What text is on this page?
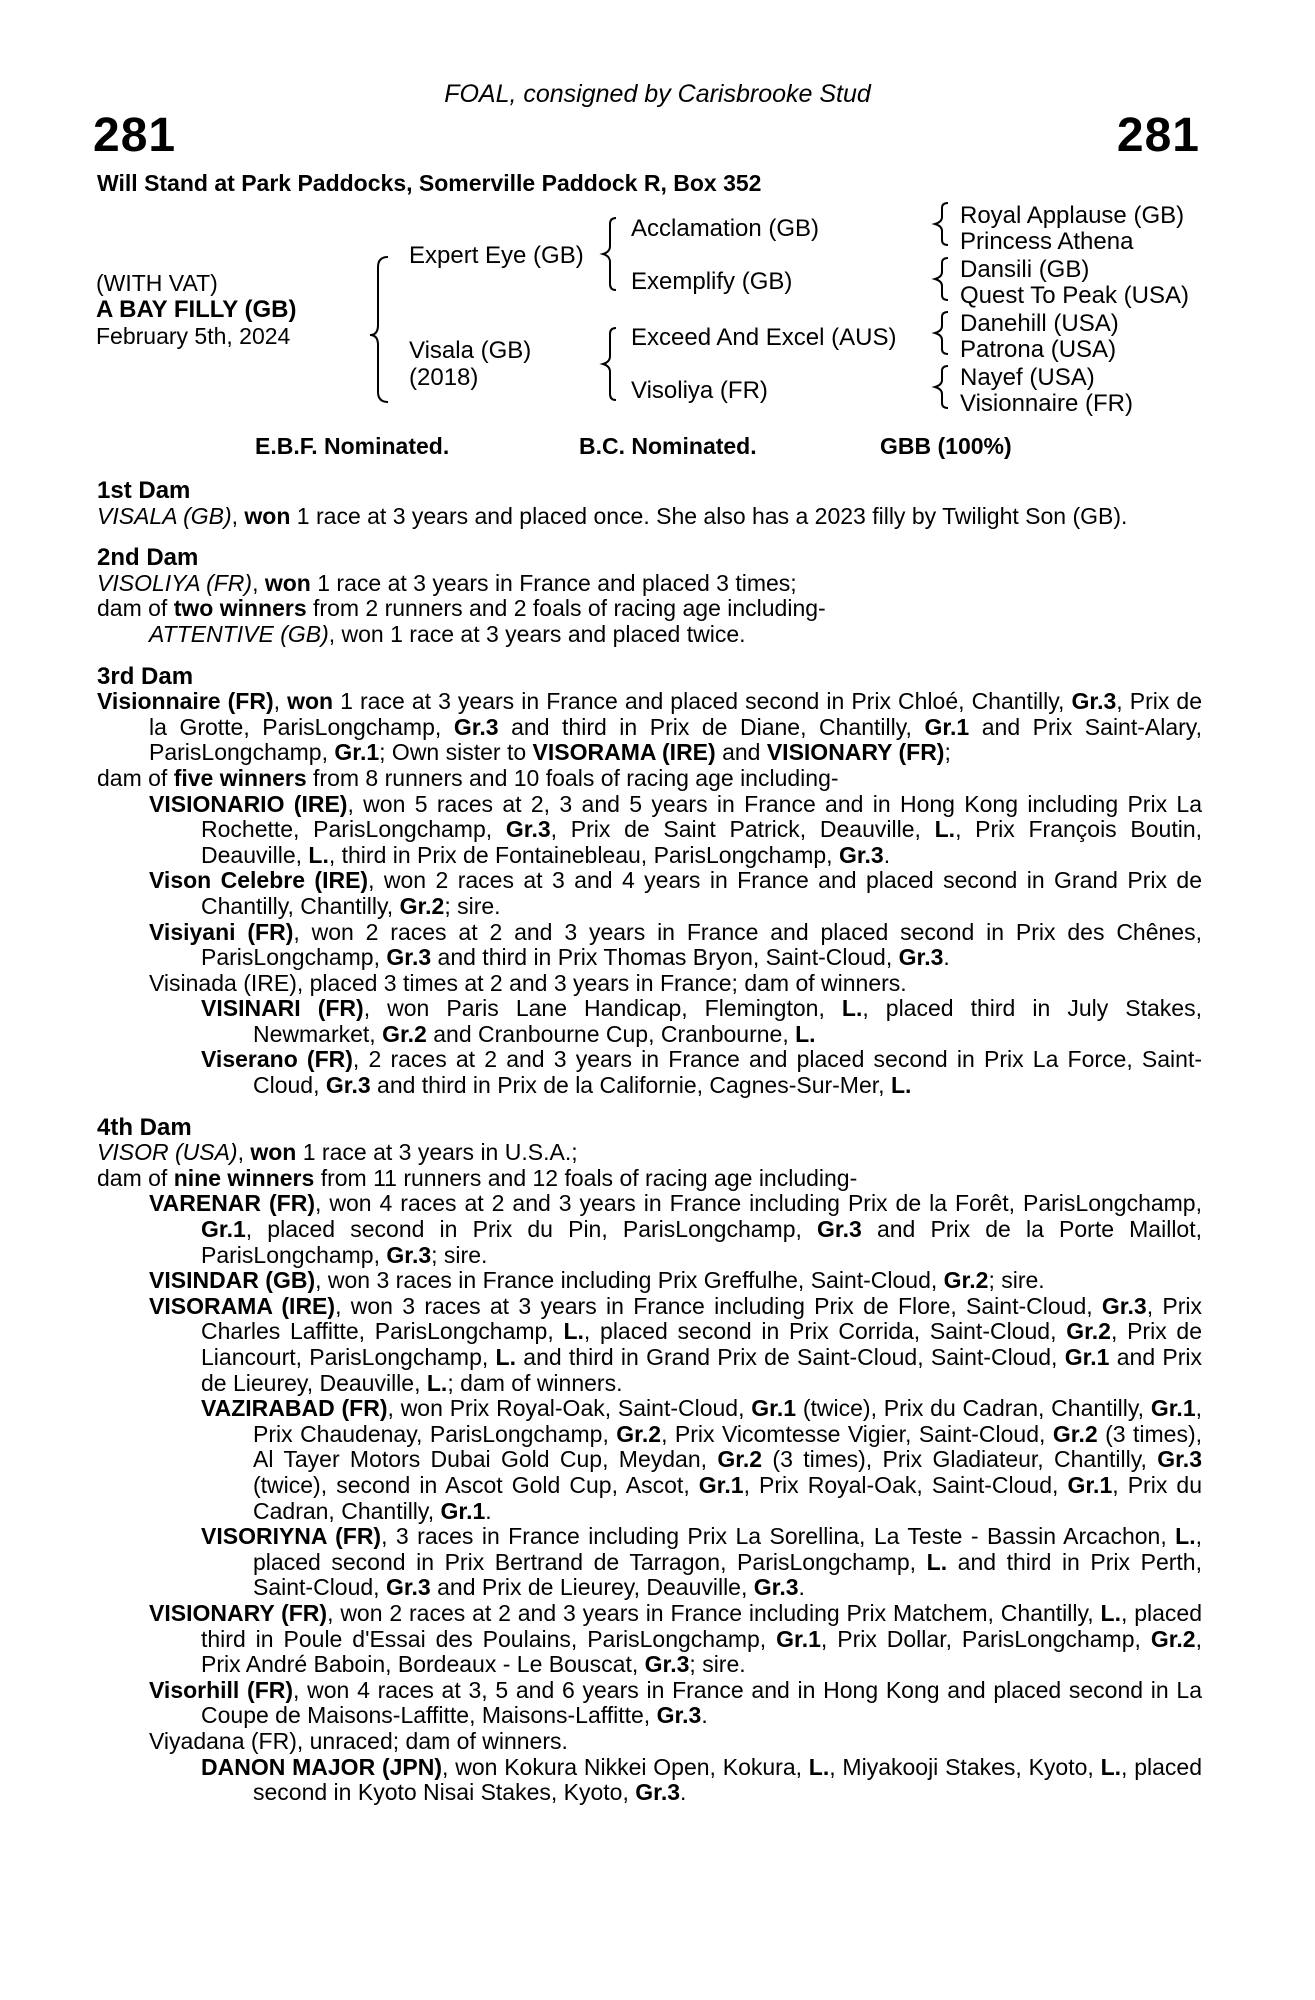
FOAL, consigned by Carisbrooke Stud
281	281
Will Stand at Park Paddocks, Somerville Paddock R, Box 352
(WITH VAT)
A BAY FILLY (GB)
February 5th, 2024
Expert Eye (GB)
Visala (GB)
(2018)
Acclamation (GB)
Exemplify (GB)
Exceed And Excel (AUS)
Visoliya (FR)
Royal Applause (GB)
Princess Athena
Dansili (GB)
Quest To Peak (USA)
Danehill (USA)
Patrona (USA)
Nayef (USA)
Visionnaire (FR)
E.B.F. Nominated.	B.C. Nominated.	GBB (100%)
1st Dam
VISALA (GB), won 1 race at 3 years and placed once. She also has a 2023 filly by Twilight Son (GB).
2nd Dam
VISOLIYA (FR), won 1 race at 3 years in France and placed 3 times;
dam of two winners from 2 runners and 2 foals of racing age including-
ATTENTIVE (GB), won 1 race at 3 years and placed twice.
3rd Dam
Visionnaire (FR), won 1 race at 3 years in France and placed second in Prix Chloé, Chantilly, Gr.3, Prix de la Grotte, ParisLongchamp, Gr.3 and third in Prix de Diane, Chantilly, Gr.1 and Prix Saint-Alary, ParisLongchamp, Gr.1; Own sister to VISORAMA (IRE) and VISIONARY (FR);
dam of five winners from 8 runners and 10 foals of racing age including-
VISIONARIO (IRE), won 5 races at 2, 3 and 5 years in France and in Hong Kong including Prix La Rochette, ParisLongchamp, Gr.3, Prix de Saint Patrick, Deauville, L., Prix François Boutin, Deauville, L., third in Prix de Fontainebleau, ParisLongchamp, Gr.3.
Vison Celebre (IRE), won 2 races at 3 and 4 years in France and placed second in Grand Prix de Chantilly, Chantilly, Gr.2; sire.
Visiyani (FR), won 2 races at 2 and 3 years in France and placed second in Prix des Chênes, ParisLongchamp, Gr.3 and third in Prix Thomas Bryon, Saint-Cloud, Gr.3.
Visinada (IRE), placed 3 times at 2 and 3 years in France; dam of winners.
VISINARI (FR), won Paris Lane Handicap, Flemington, L., placed third in July Stakes, Newmarket, Gr.2 and Cranbourne Cup, Cranbourne, L.
Viserano (FR), 2 races at 2 and 3 years in France and placed second in Prix La Force, Saint-Cloud, Gr.3 and third in Prix de la Californie, Cagnes-Sur-Mer, L.
4th Dam
VISOR (USA), won 1 race at 3 years in U.S.A.;
dam of nine winners from 11 runners and 12 foals of racing age including-
VARENAR (FR), won 4 races at 2 and 3 years in France including Prix de la Forêt, ParisLongchamp, Gr.1, placed second in Prix du Pin, ParisLongchamp, Gr.3 and Prix de la Porte Maillot, ParisLongchamp, Gr.3; sire.
VISINDAR (GB), won 3 races in France including Prix Greffulhe, Saint-Cloud, Gr.2; sire.
VISORAMA (IRE), won 3 races at 3 years in France including Prix de Flore, Saint-Cloud, Gr.3, Prix Charles Laffitte, ParisLongchamp, L., placed second in Prix Corrida, Saint-Cloud, Gr.2, Prix de Liancourt, ParisLongchamp, L. and third in Grand Prix de Saint-Cloud, Saint-Cloud, Gr.1 and Prix de Lieurey, Deauville, L.; dam of winners.
VAZIRABAD (FR), won Prix Royal-Oak, Saint-Cloud, Gr.1 (twice), Prix du Cadran, Chantilly, Gr.1, Prix Chaudenay, ParisLongchamp, Gr.2, Prix Vicomtesse Vigier, Saint-Cloud, Gr.2 (3 times), Al Tayer Motors Dubai Gold Cup, Meydan, Gr.2 (3 times), Prix Gladiateur, Chantilly, Gr.3 (twice), second in Ascot Gold Cup, Ascot, Gr.1, Prix Royal-Oak, Saint-Cloud, Gr.1, Prix du Cadran, Chantilly, Gr.1.
VISORIYNA (FR), 3 races in France including Prix La Sorellina, La Teste - Bassin Arcachon, L., placed second in Prix Bertrand de Tarragon, ParisLongchamp, L. and third in Prix Perth, Saint-Cloud, Gr.3 and Prix de Lieurey, Deauville, Gr.3.
VISIONARY (FR), won 2 races at 2 and 3 years in France including Prix Matchem, Chantilly, L., placed third in Poule d'Essai des Poulains, ParisLongchamp, Gr.1, Prix Dollar, ParisLongchamp, Gr.2, Prix André Baboin, Bordeaux - Le Bouscat, Gr.3; sire.
Visorhill (FR), won 4 races at 3, 5 and 6 years in France and in Hong Kong and placed second in La Coupe de Maisons-Laffitte, Maisons-Laffitte, Gr.3.
Viyadana (FR), unraced; dam of winners.
DANON MAJOR (JPN), won Kokura Nikkei Open, Kokura, L., Miyakooji Stakes, Kyoto, L., placed second in Kyoto Nisai Stakes, Kyoto, Gr.3.
